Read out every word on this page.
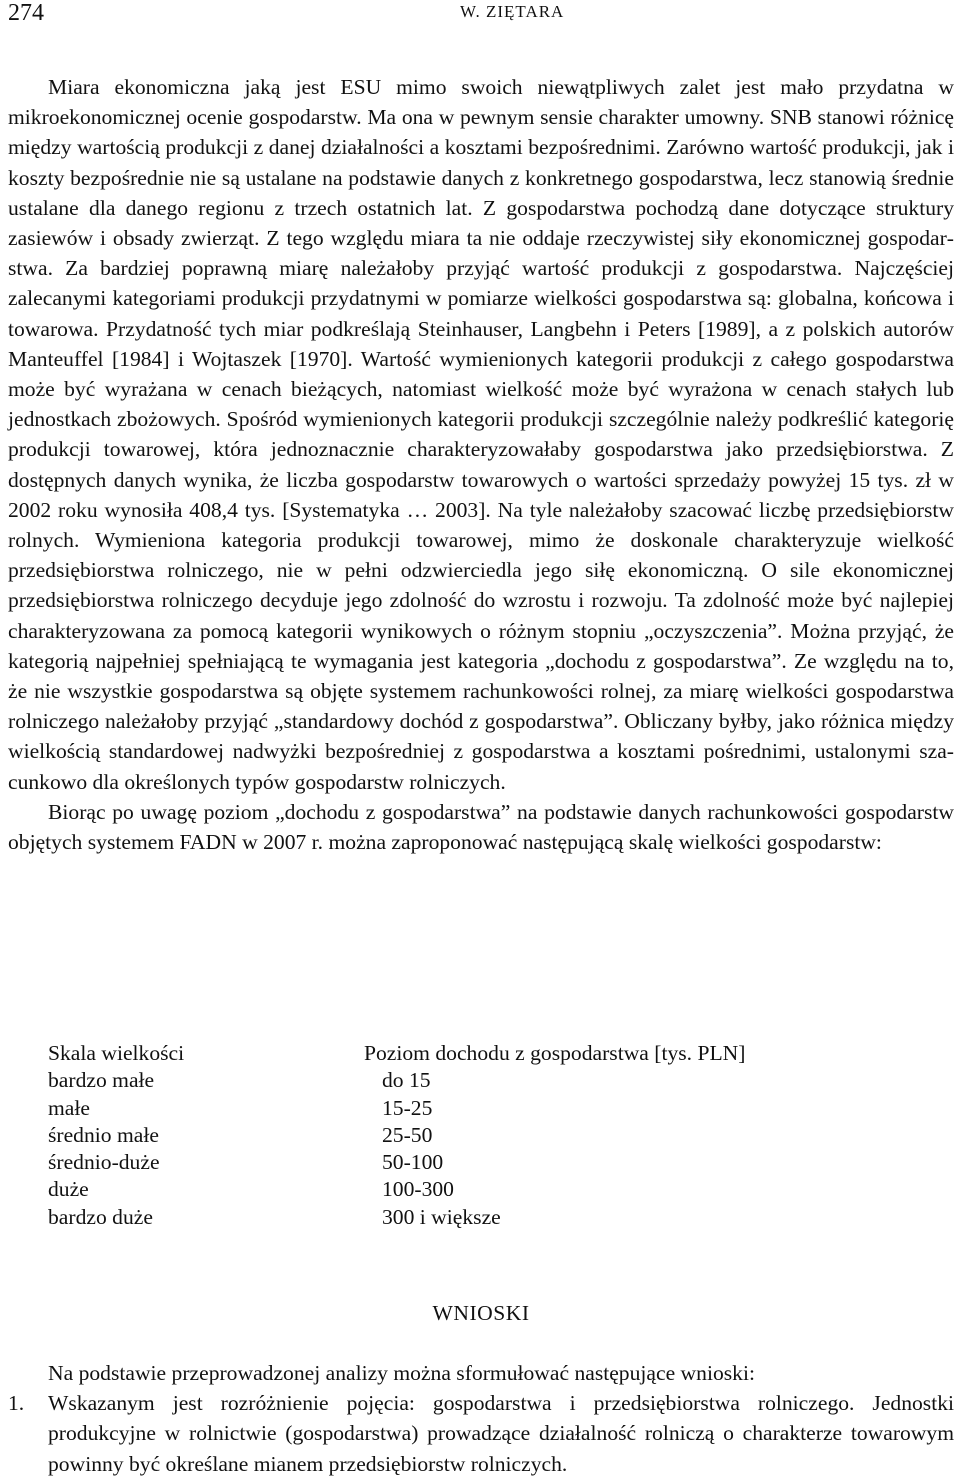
274	W. ZIĘTARA

Miara ekonomiczna jaką jest ESU mimo swoich niewątpliwych zalet jest mało przydatna w mikroekonomicznej ocenie gospodarstw. Ma ona w pewnym sensie charakter umowny. SNB stanowi różnicę między wartością produkcji z danej działalności a kosztami bezpośrednimi. Zarówno wartość produkcji, jak i koszty bezpośrednie nie są ustalane na podstawie danych z konkretnego gospodarstwa, lecz stanowią średnie ustalane dla danego regionu z trzech ostatnich lat. Z gospodarstwa pochodzą dane dotyczące struktury zasiewów i obsady zwierząt. Z tego względu miara ta nie oddaje rzeczywistej siły ekonomicznej gospodarstwa. Za bardziej poprawną miarę należałoby przyjąć wartość produkcji z gospodarstwa. Najczęściej zalecanymi kategoriami produkcji przydatnymi w pomiarze wielkości gospodarstwa są: globalna, końcowa i towarowa. Przydatność tych miar podkreślają Steinhauser, Langbehn i Peters [1989], a z polskich autorów Manteuffel [1984] i Wojtaszek [1970]. Wartość wymienionych kategorii produkcji z całego gospodarstwa może być wyrażana w cenach bieżących, natomiast wielkość może być wyrażona w cenach stałych lub jednostkach zbożowych. Spośród wymienionych kategorii produkcji szczególnie należy podkreślić kategorię produkcji towarowej, która jednoznacznie charakteryzowałaby gospodarstwa jako przedsiębiorstwa. Z dostępnych danych wynika, że liczba gospodarstw towarowych o wartości sprzedaży powyżej 15 tys. zł w 2002 roku wynosiła 408,4 tys. [Systematyka … 2003]. Na tyle należałoby szacować liczbę przedsiębiorstw rolnych. Wymieniona kategoria produkcji towarowej, mimo że doskonale charakteryzuje wielkość przedsiębiorstwa rolniczego, nie w pełni odzwierciedla jego siłę ekonomiczną. O sile ekonomicznej przedsiębiorstwa rolniczego decyduje jego zdolność do wzrostu i rozwoju. Ta zdolność może być najlepiej charakteryzowana za pomocą kategorii wynikowych o różnym stopniu „oczyszczenia”. Można przyjąć, że kategorią najpełniej spełniającą te wymagania jest kategoria „dochodu z gospodarstwa”. Ze względu na to, że nie wszystkie gospodarstwa są objęte systemem rachunkowości rolnej, za miarę wielkości gospodarstwa rolniczego należałoby przyjąć „standardowy dochód z gospodarstwa”. Obliczany byłby, jako różnica między wielkością standardowej nadwyżki bezpośredniej z gospodarstwa a kosztami pośrednimi, ustalonymi szacunkowo dla określonych typów gospodarstw rolniczych.

Biorąc po uwagę poziom „dochodu z gospodarstwa” na podstawie danych rachunkowości gospodarstw objętych systemem FADN w 2007 r. można zaproponować następującą skalę wielkości gospodarstw:

Skala wielkości	Poziom dochodu z gospodarstwa [tys. PLN]
bardzo małe	do 15
małe	15-25
średnio małe	25-50
średnio-duże	50-100
duże	100-300
bardzo duże	300 i większe
WNIOSKI

Na podstawie przeprowadzonej analizy można sformułować następujące wnioski:

1. Wskazanym jest rozróżnienie pojęcia: gospodarstwa i przedsiębiorstwa rolniczego. Jednostki produkcyjne w rolnictwie (gospodarstwa) prowadzące działalność rolniczą o charakterze towarowym powinny być określane mianem przedsiębiorstw rolniczych.
